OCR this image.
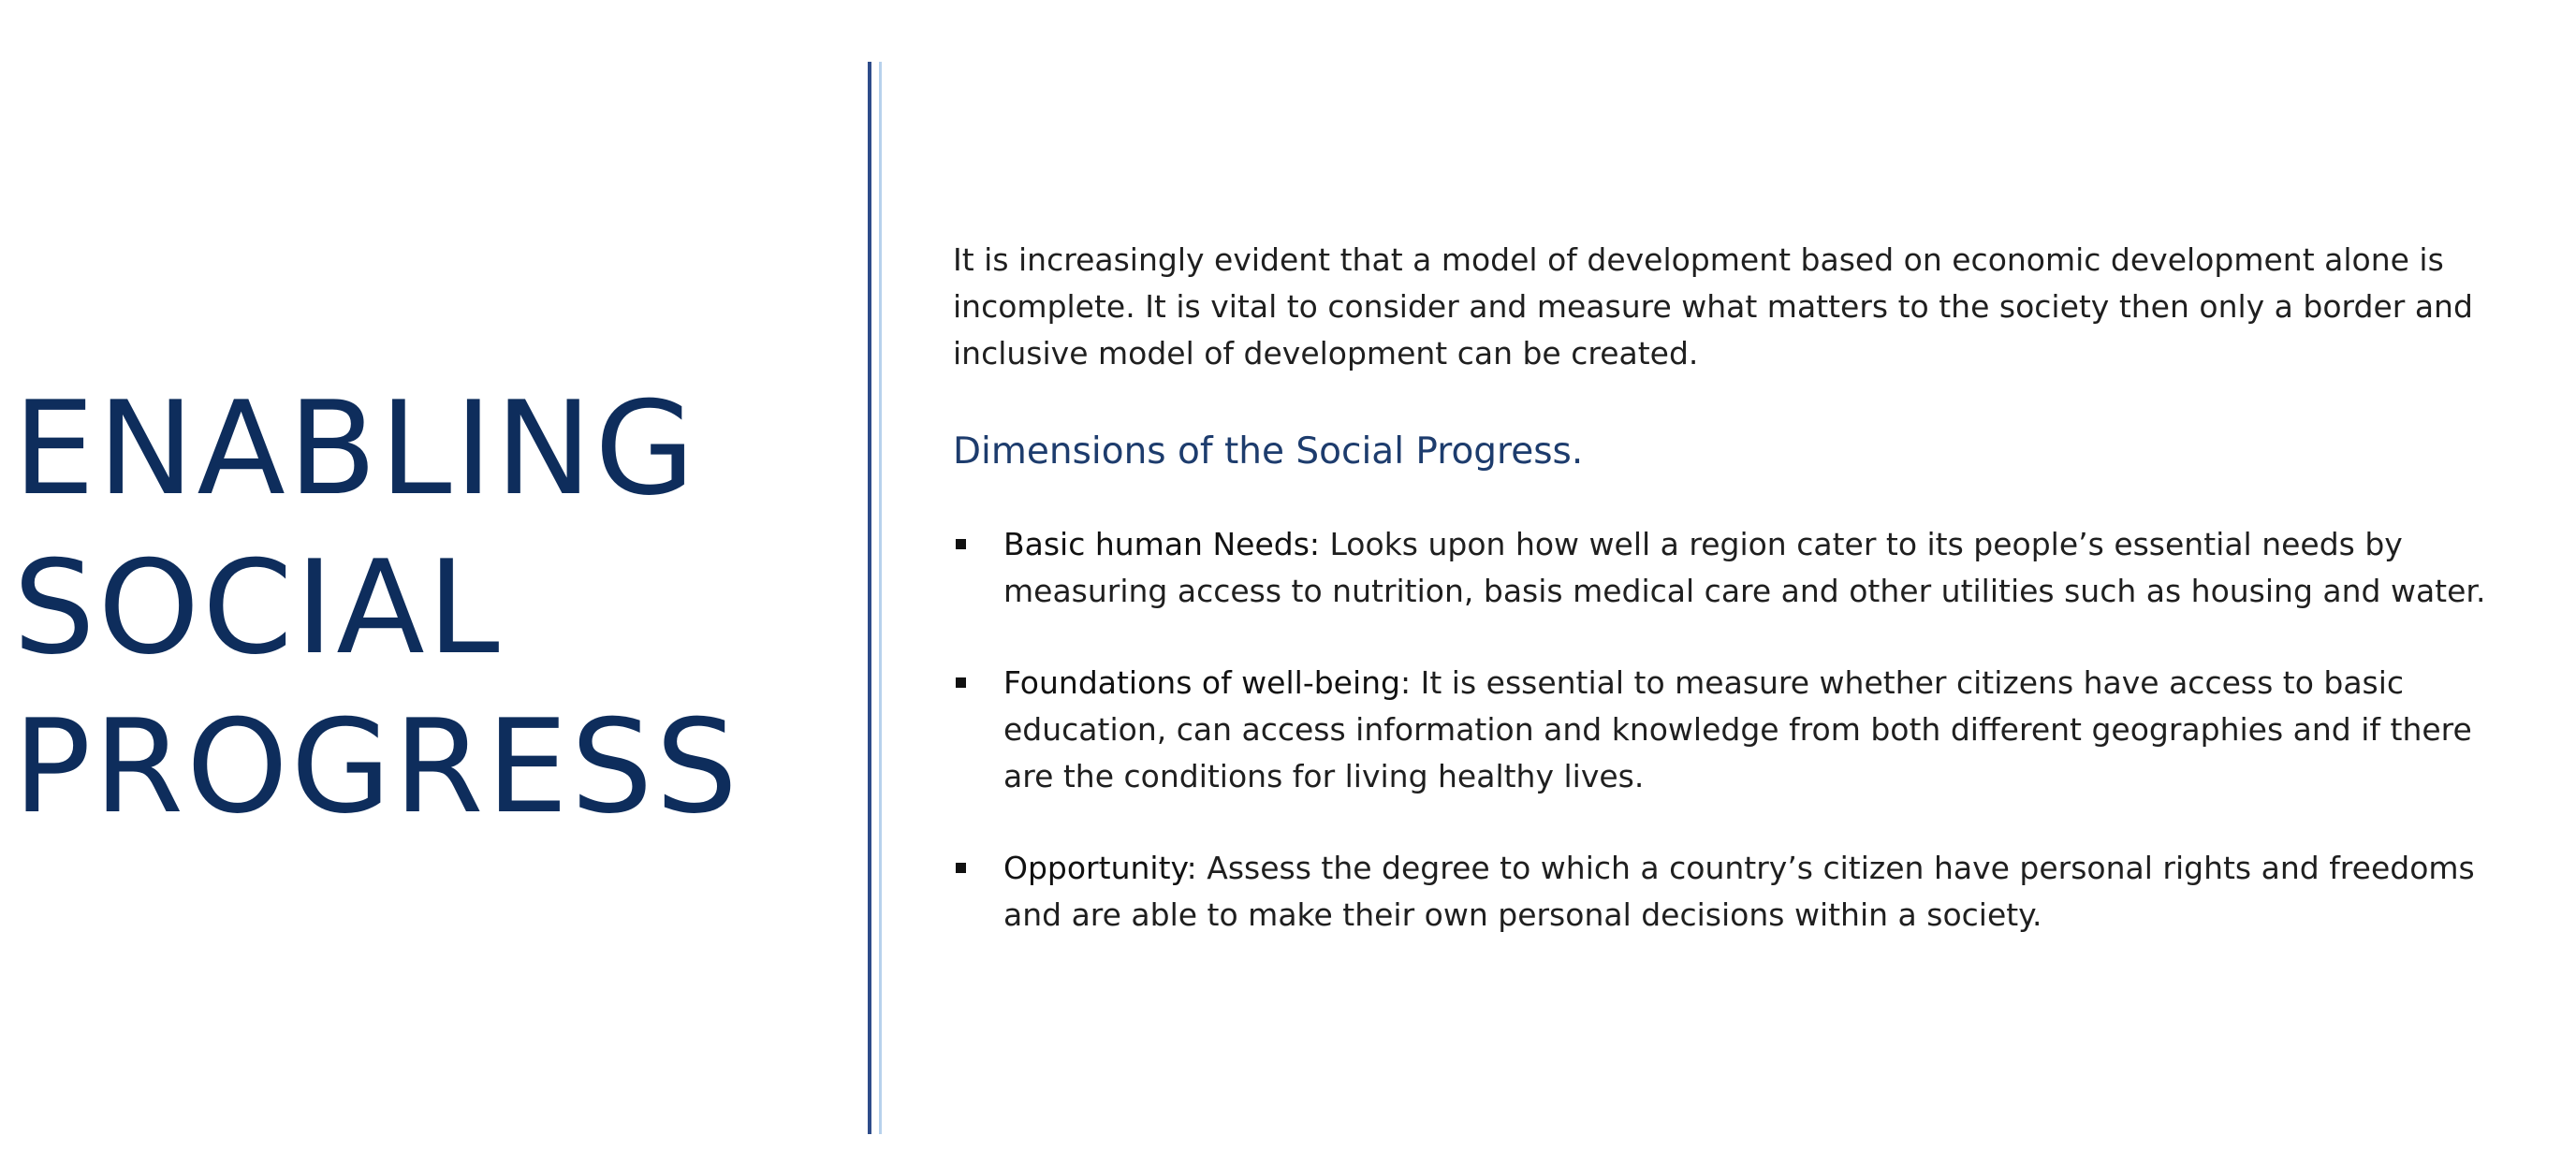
ENABLING
SOCIAL
PROGRESS

It is increasingly evident that a model of development based on economic development alone is incomplete. It is vital to consider and measure what matters to the society then only a border and inclusive model of development can be created.

Dimensions of the Social Progress.
Basic human Needs: Looks upon how well a region cater to its people’s essential needs by measuring access to nutrition, basis medical care and other utilities such as housing and water.
Foundations of well-being: It is essential to measure whether citizens have access to basic education, can access information and knowledge from both different geographies and if there are the conditions for living healthy lives.
Opportunity: Assess the degree to which a country’s citizen have personal rights and freedoms and are able to make their own personal decisions within a society.
